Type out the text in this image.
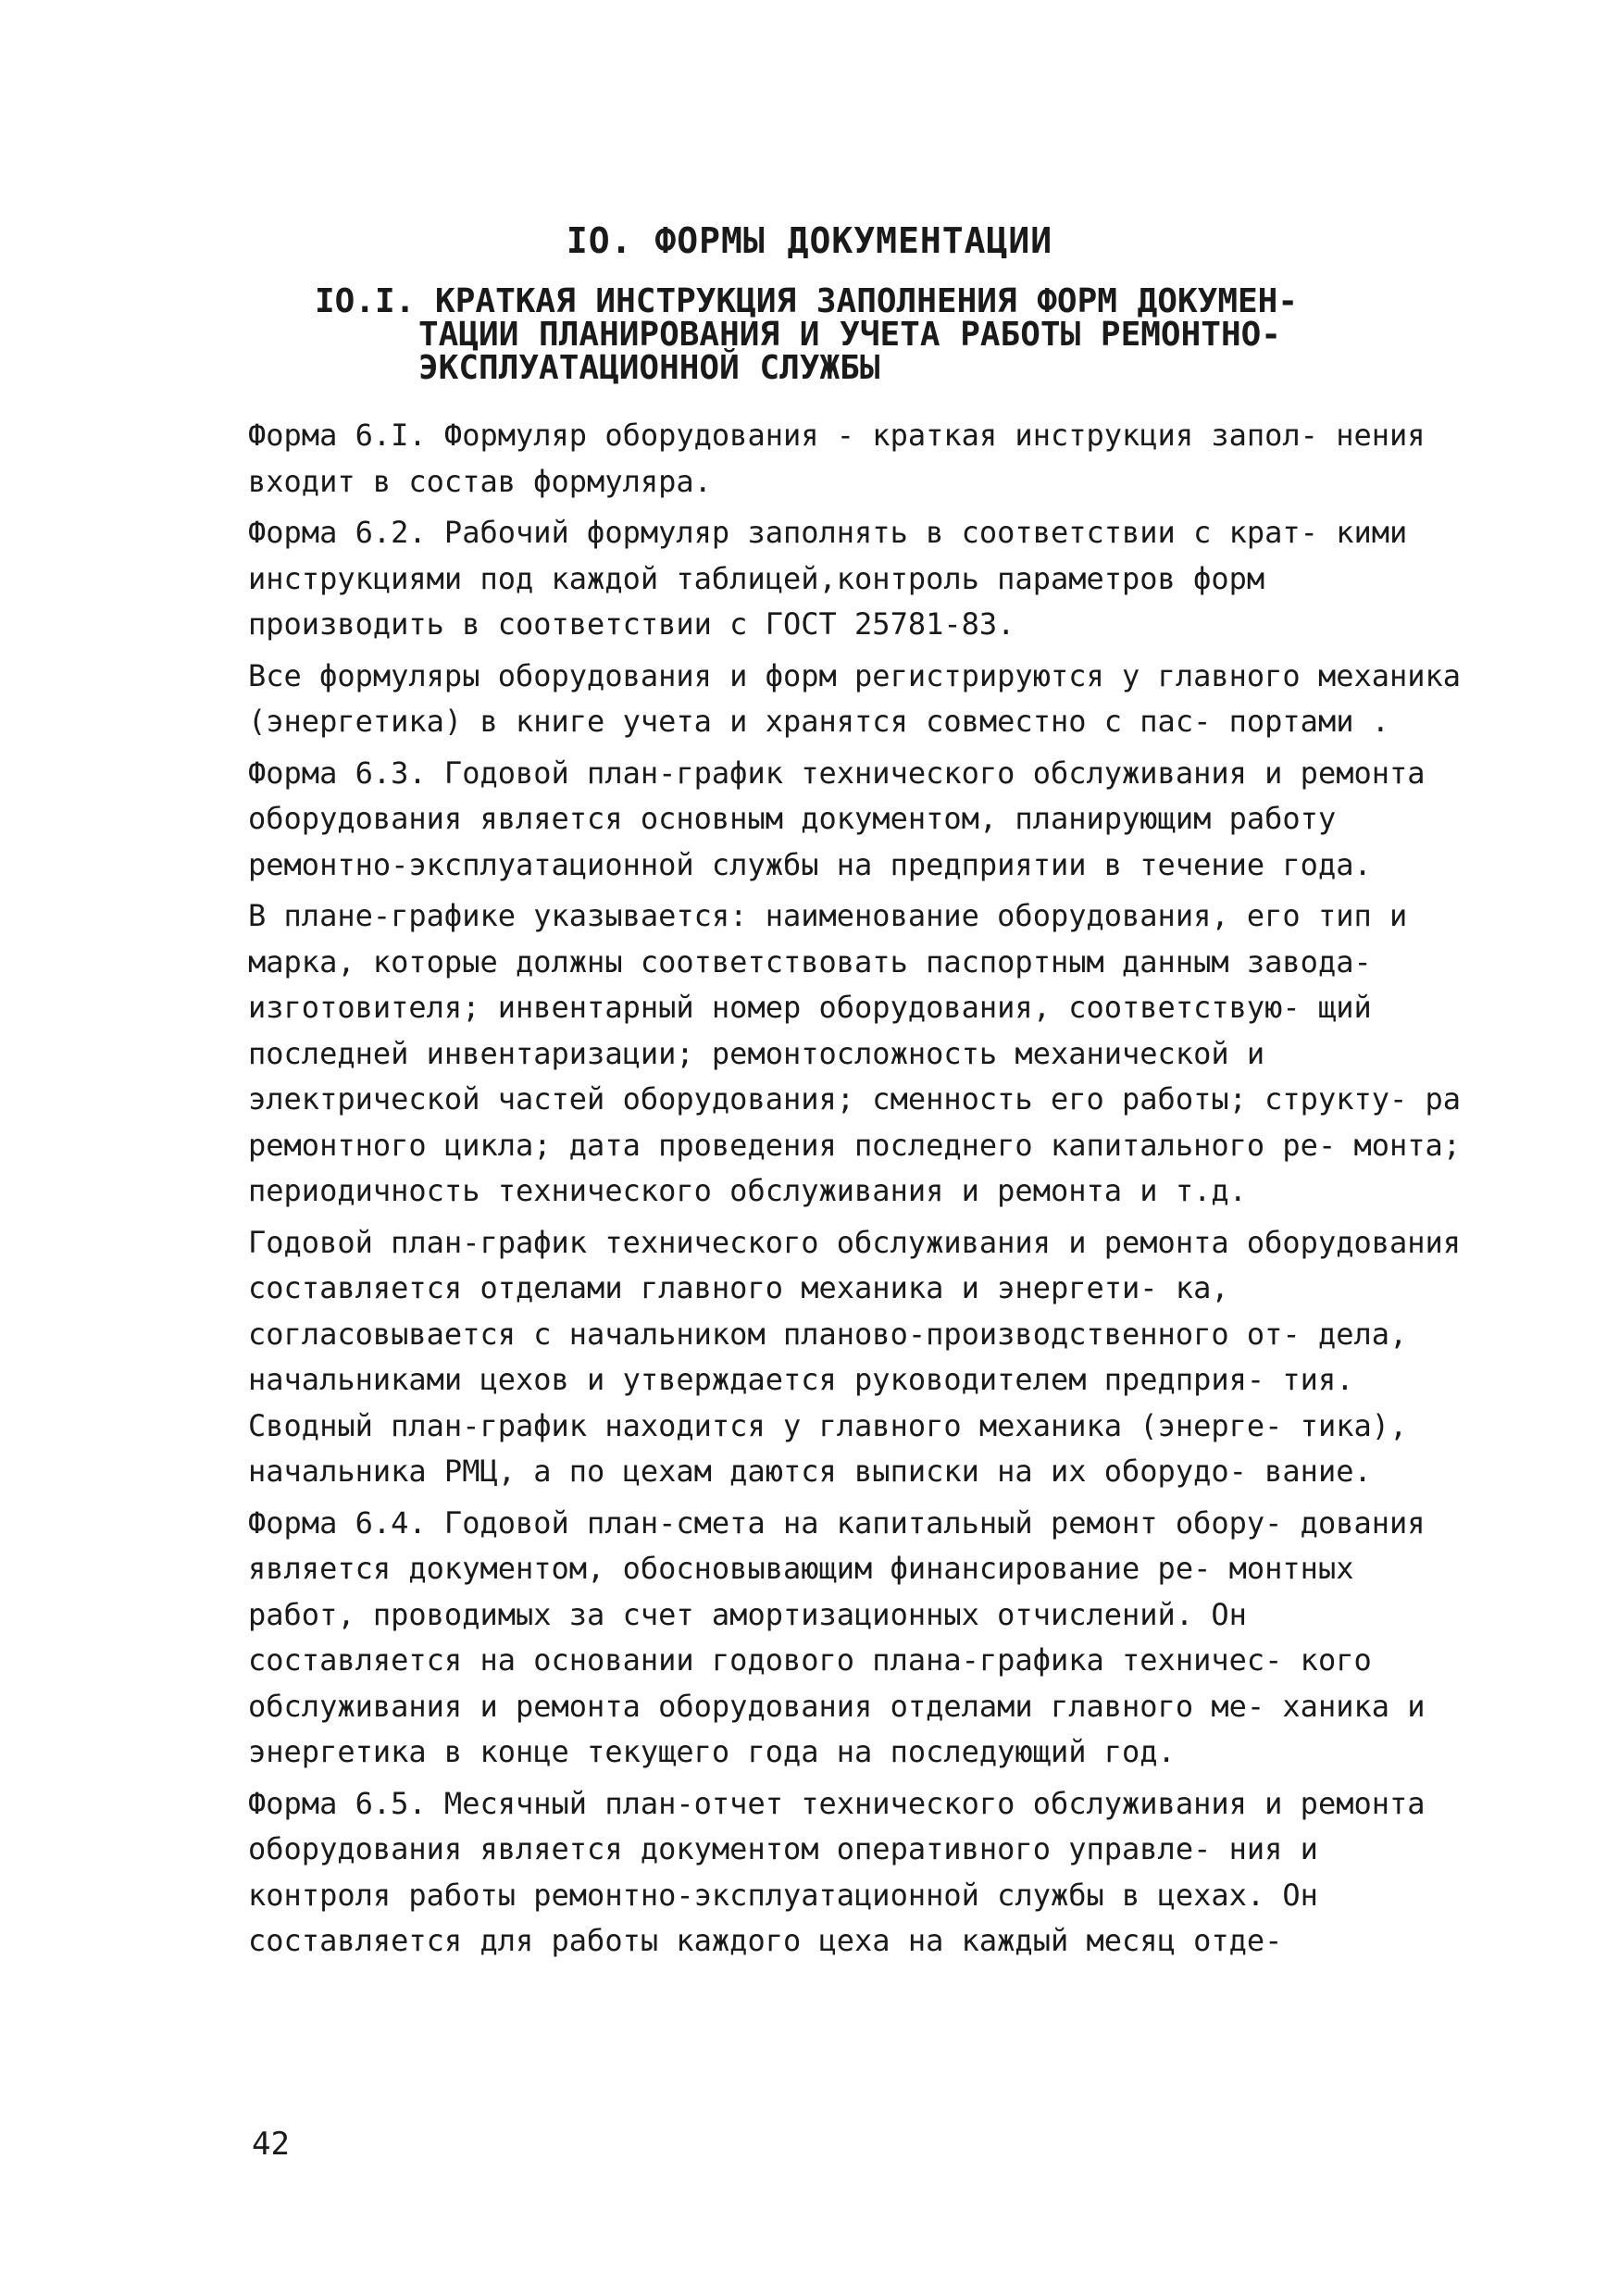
IO. ФОРМЫ ДОКУМЕНТАЦИИ
IO.I. КРАТКАЯ ИНСТРУКЦИЯ ЗАПОЛНЕНИЯ ФОРМ ДОКУМЕН-
ТАЦИИ ПЛАНИРОВАНИЯ И УЧЕТА РАБОТЫ РЕМОНТНО-
ЭКСПЛУАТАЦИОННОЙ СЛУЖБЫ
Форма 6.I. Формуляр оборудования - краткая инструкция запол- нения входит в состав формуляра.
Форма 6.2. Рабочий формуляр заполнять в соответствии с крат- кими инструкциями под каждой таблицей,контроль параметров форм производить в соответствии с ГОСТ 25781-83.
Все формуляры оборудования и форм регистрируются у главного механика (энергетика) в книге учета и хранятся совместно с пас- портами .
Форма 6.3. Годовой план-график технического обслуживания и ремонта оборудования является основным документом, планирующим работу ремонтно-эксплуатационной службы на предприятии в течение года.
В плане-графике указывается: наименование оборудования, его тип и марка, которые должны соответствовать паспортным данным завода-изготовителя; инвентарный номер оборудования, соответствую- щий последней инвентаризации; ремонтосложность механической и электрической частей оборудования; сменность его работы; структу- ра ремонтного цикла; дата проведения последнего капитального ре- монта; периодичность технического обслуживания и ремонта и т.д.
Годовой план-график технического обслуживания и ремонта оборудования составляется отделами главного механика и энергети- ка, согласовывается с начальником планово-производственного от- дела, начальниками цехов и утверждается руководителем предприя- тия. Сводный план-график находится у главного механика (энерге- тика), начальника РМЦ, а по цехам даются выписки на их оборудо- вание.
Форма 6.4. Годовой план-смета на капитальный ремонт обору- дования является документом, обосновывающим финансирование ре- монтных работ, проводимых за счет амортизационных отчислений. Он составляется на основании годового плана-графика техничес- кого обслуживания и ремонта оборудования отделами главного ме- ханика и энергетика в конце текущего года на последующий год.
Форма 6.5. Месячный план-отчет технического обслуживания и ремонта оборудования является документом оперативного управле- ния и контроля работы ремонтно-эксплуатационной службы в цехах. Он составляется для работы каждого цеха на каждый месяц отде-
42
